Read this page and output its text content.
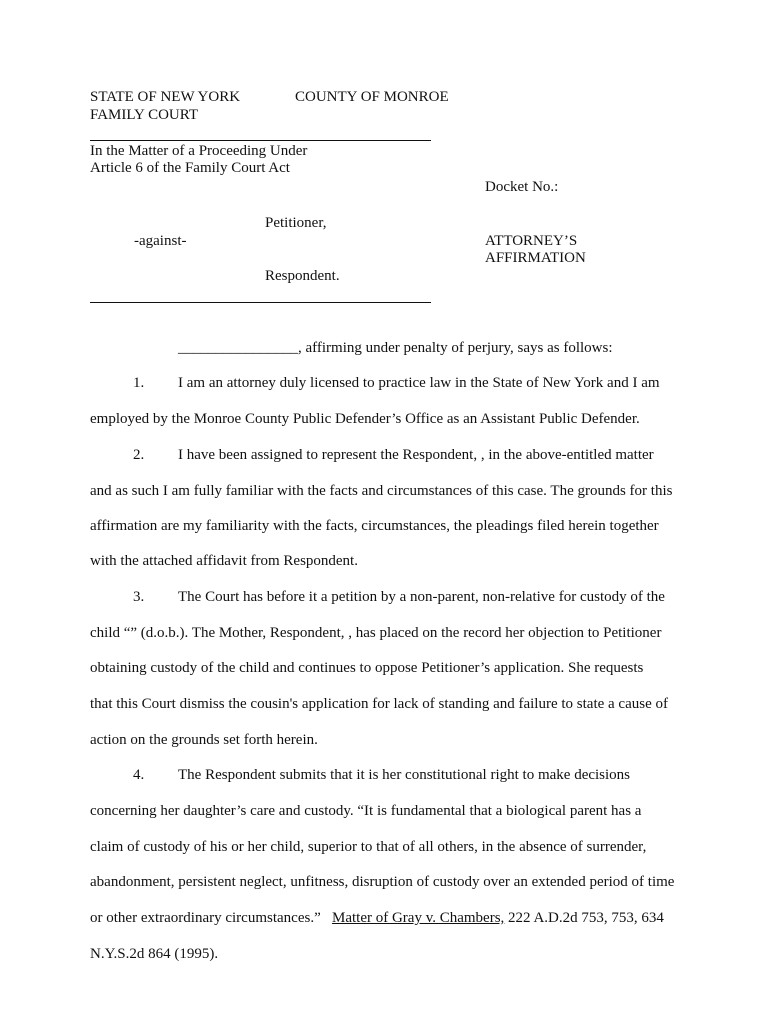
STATE OF NEW YORK	COUNTY OF MONROE
FAMILY COURT
In the Matter of a Proceeding Under
Article 6 of the Family Court Act
Docket No.:
Petitioner,
-against-	ATTORNEY’S
AFFIRMATION
Respondent.
________________, affirming under penalty of perjury, says as follows:
1. I am an attorney duly licensed to practice law in the State of New York and I am
employed by the Monroe County Public Defender’s Office as an Assistant Public Defender.
2. I have been assigned to represent the Respondent, , in the above-entitled matter
and as such I am fully familiar with the facts and circumstances of this case. The grounds for this
affirmation are my familiarity with the facts, circumstances, the pleadings filed herein together
with the attached affidavit from Respondent.
3. The Court has before it a petition by a non-parent, non-relative for custody of the
child “” (d.o.b.). The Mother, Respondent, , has placed on the record her objection to Petitioner
obtaining custody of the child and continues to oppose Petitioner’s application. She requests
that this Court dismiss the cousin's application for lack of standing and failure to state a cause of
action on the grounds set forth herein.
4. The Respondent submits that it is her constitutional right to make decisions
concerning her daughter’s care and custody. “It is fundamental that a biological parent has a
claim of custody of his or her child, superior to that of all others, in the absence of surrender,
abandonment, persistent neglect, unfitness, disruption of custody over an extended period of time
or other extraordinary circumstances.” Matter of Gray v. Chambers, 222 A.D.2d 753, 753, 634
N.Y.S.2d 864 (1995).
